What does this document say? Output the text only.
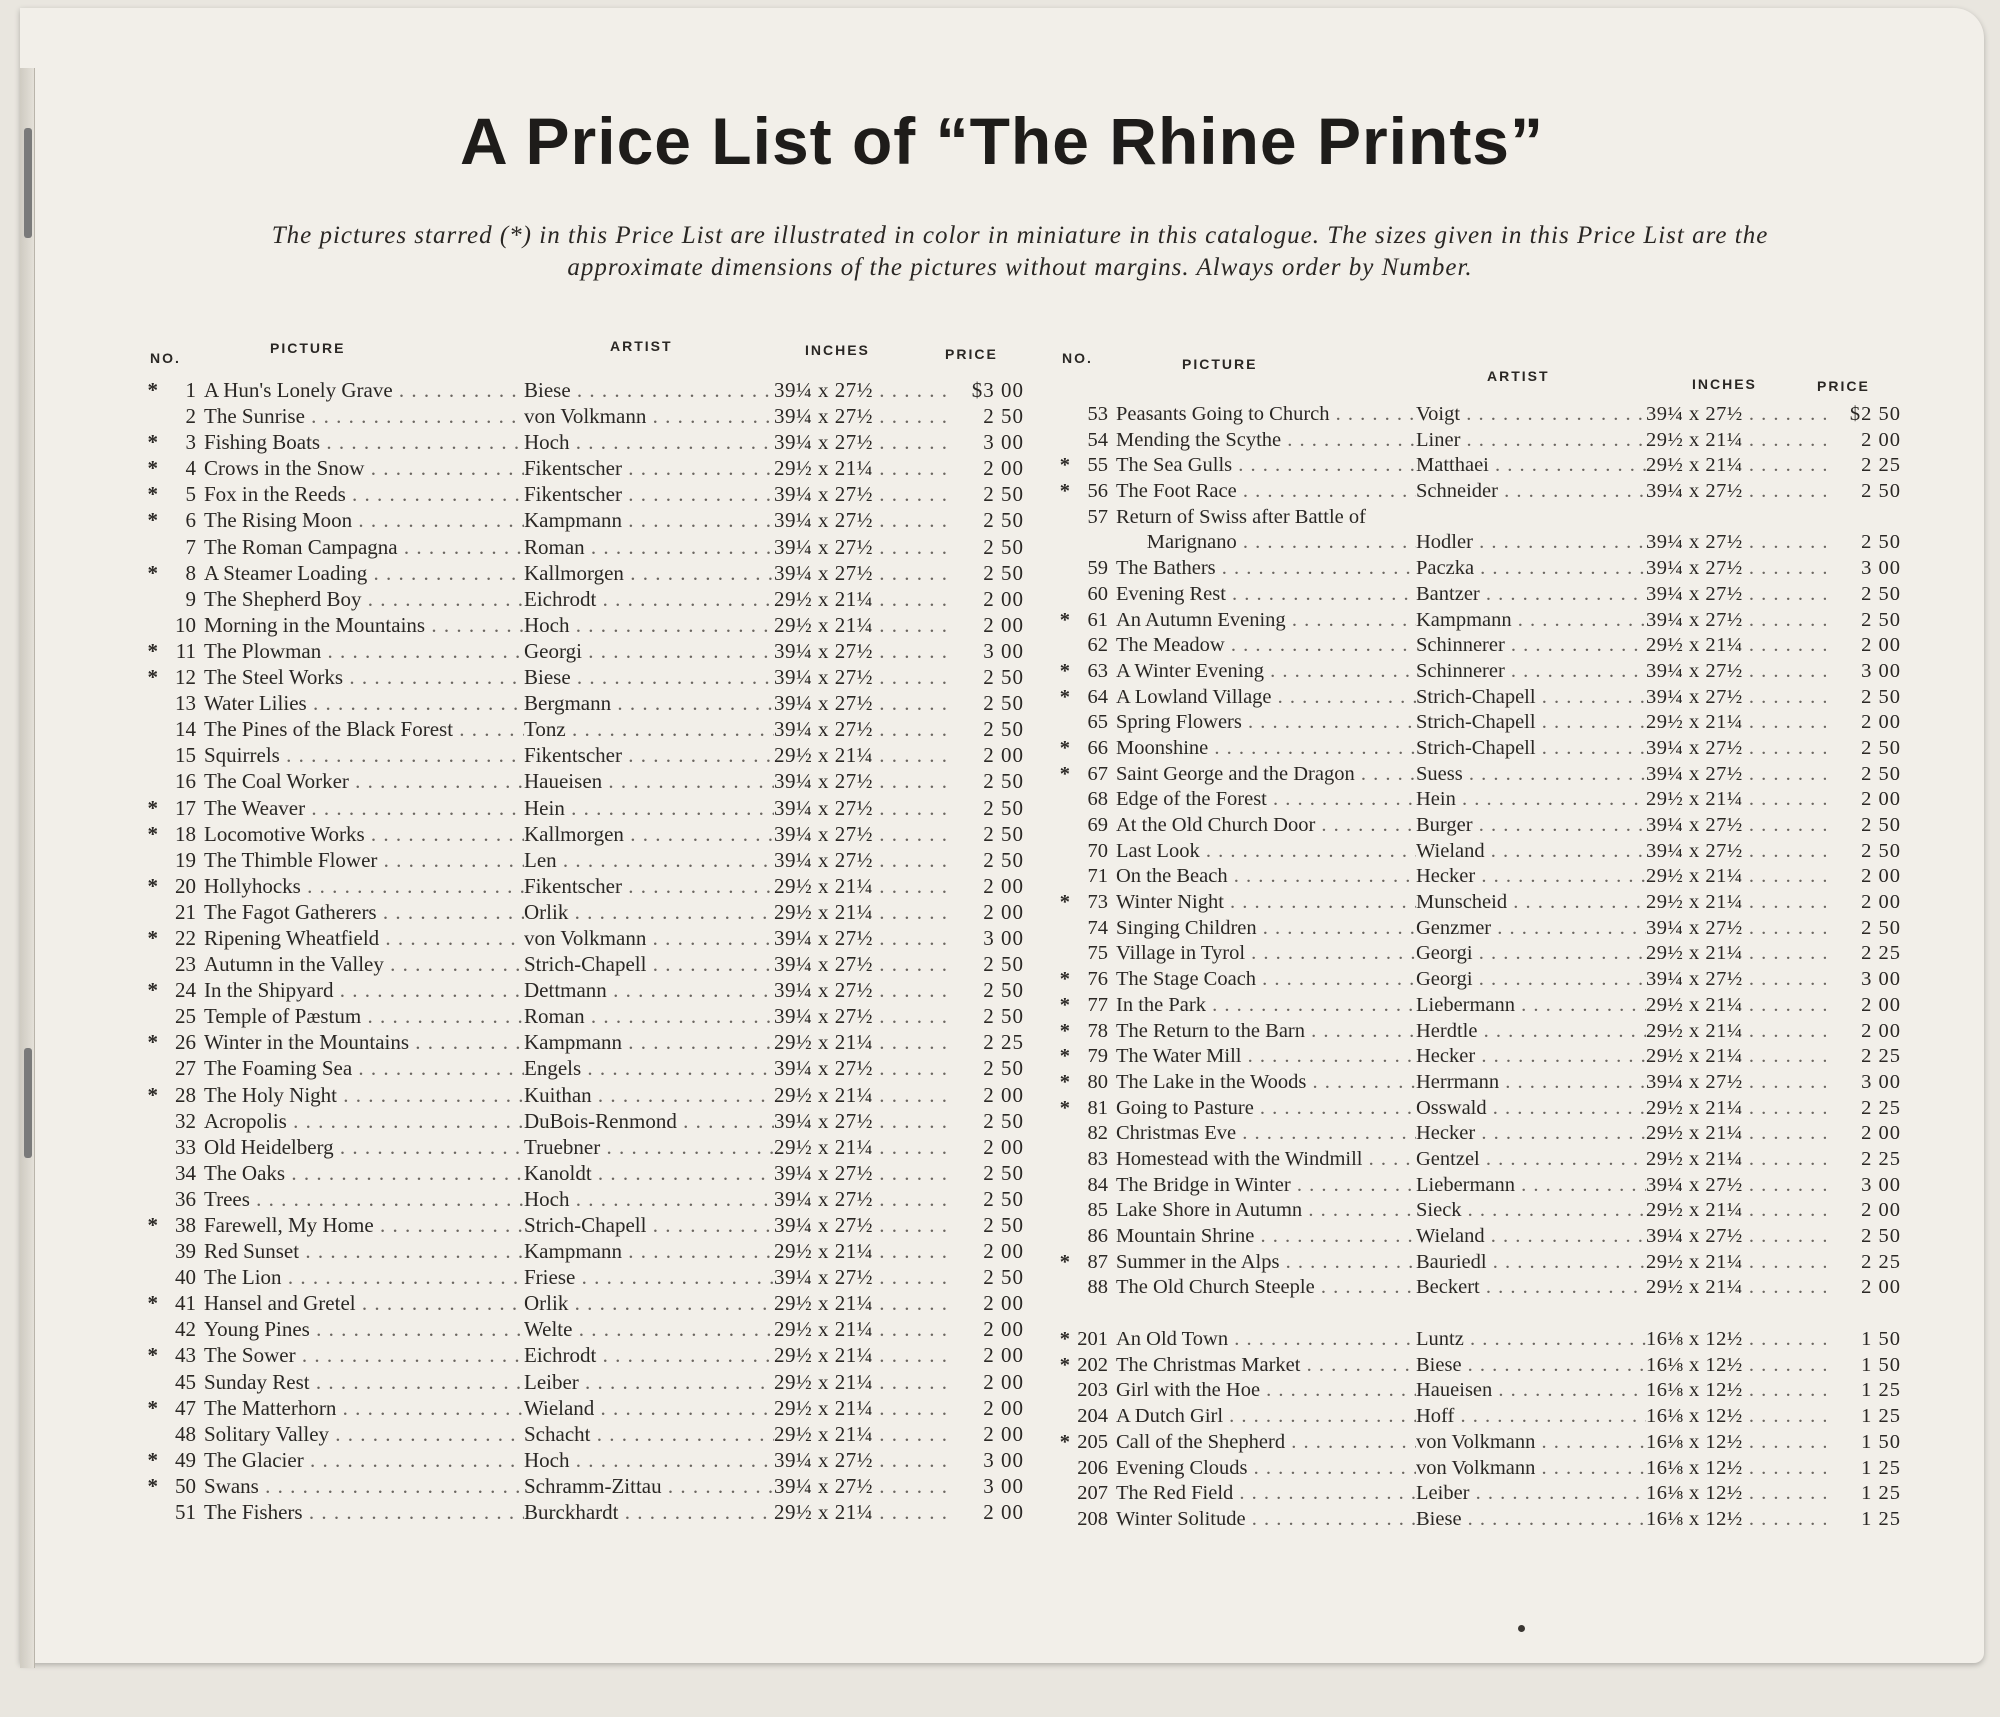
A Price List of “The Rhine Prints”
The pictures starred (*) in this Price List are illustrated in color in miniature in this catalogue. The sizes given in this Price List are the approximate dimensions of the pictures without margins. Always order by Number.
NO.
PICTURE	ARTIST	INCHES	PRICE
*	1 A Hun's Lonely Grave . . .	Biese . . .	39¼ x 27½ . . .	$3 00
2 The Sunrise . . .	von Volkmann . . .	39¼ x 27½ . . .	2 50
*	3 Fishing Boats . . .	Hoch . . .	39¼ x 27½ . . .	3 00
*	4 Crows in the Snow . . .	Fikentscher . . .	29½ x 21¼ . . .	2 00
*	5 Fox in the Reeds . . .	Fikentscher . . .	39¼ x 27½ . . .	2 50
*	6 The Rising Moon . . .	Kampmann . . .	39¼ x 27½ . . .	2 50
7 The Roman Campagna . . .	Roman . . .	39¼ x 27½ . . .	2 50
*	8 A Steamer Loading . . .	Kallmorgen . . .	39¼ x 27½ . . .	2 50
9 The Shepherd Boy . . .	Eichrodt . . .	29½ x 21¼ . . .	2 00
10 Morning in the Mountains . . .	Hoch . . .	29½ x 21¼ . . .	2 00
* 11 The Plowman . . .	Georgi . . .	39¼ x 27½ . . .	3 00
* 12 The Steel Works . . .	Biese . . .	39¼ x 27½ . . .	2 50
13 Water Lilies . . .	Bergmann . . .	39¼ x 27½ . . .	2 50
14 The Pines of the Black Forest . . .	Tonz . . .	39¼ x 27½ . . .	2 50
15 Squirrels . . .	Fikentscher . . .	29½ x 21¼ . . .	2 00
16 The Coal Worker . . .	Haueisen . . .	39¼ x 27½ . . .	2 50
* 17 The Weaver . . .	Hein . . .	39¼ x 27½ . . .	2 50
* 18 Locomotive Works . . .	Kallmorgen . . .	39¼ x 27½ . . .	2 50
19 The Thimble Flower . . .	Len . . .	39¼ x 27½ . . .	2 50
* 20 Hollyhocks . . .	Fikentscher . . .	29½ x 21¼ . . .	2 00
21 The Fagot Gatherers . . .	Orlik . . .	29½ x 21¼ . . .	2 00
* 22 Ripening Wheatfield . . .	von Volkmann . . .	39¼ x 27½ . . .	3 00
23 Autumn in the Valley . . .	Strich-Chapell . . .	39¼ x 27½ . . .	2 50
* 24 In the Shipyard . . .	Dettmann . . .	39¼ x 27½ . . .	2 50
25 Temple of Pæstum . . .	Roman . . .	39¼ x 27½ . . .	2 50
* 26 Winter in the Mountains . . .	Kampmann . . .	29½ x 21¼ . . .	2 25
27 The Foaming Sea . . .	Engels . . .	39¼ x 27½ . . .	2 50
* 28 The Holy Night . . .	Kuithan . . .	29½ x 21¼ . . .	2 00
32 Acropolis . . .	DuBois-Renmond . . .	39¼ x 27½ . . .	2 50
33 Old Heidelberg . . .	Truebner . . .	29½ x 21¼ . . .	2 00
34 The Oaks . . .	Kanoldt . . .	39¼ x 27½ . . .	2 50
36 Trees . . .	Hoch . . .	39¼ x 27½ . . .	2 50
* 38 Farewell, My Home . . .	Strich-Chapell . . .	39¼ x 27½ . . .	2 50
39 Red Sunset . . .	Kampmann . . .	29½ x 21¼ . . .	2 00
40 The Lion . . .	Friese . . .	39¼ x 27½ . . .	2 50
* 41 Hansel and Gretel . . .	Orlik . . .	29½ x 21¼ . . .	2 00
42 Young Pines . . .	Welte . . .	29½ x 21¼ . . .	2 00
* 43 The Sower . . .	Eichrodt . . .	29½ x 21¼ . . .	2 00
45 Sunday Rest . . .	Leiber . . .	29½ x 21¼ . . .	2 00
* 47 The Matterhorn . . .	Wieland . . .	29½ x 21¼ . . .	2 00
48 Solitary Valley . . .	Schacht . . .	29½ x 21¼ . . .	2 00
* 49 The Glacier . . .	Hoch . . .	39¼ x 27½ . . .	3 00
* 50 Swans . . .	Schramm-Zittau . . .	39¼ x 27½ . . .	3 00
51 The Fishers . . .	Burckhardt . . .	29½ x 21¼ . . .	2 00
NO.	PICTURE
ARTIST	INCHES	PRICE
53 Peasants Going to Church . . .	Voigt . . .	39¼ x 27½ . . .	$2 50
54 Mending the Scythe . . .	Liner . . .	29½ x 21¼ . . .	2 00
* 55 The Sea Gulls . . .	Matthaei . . .	29½ x 21¼ . . .	2 25
* 56 The Foot Race . . .	Schneider . . .	39¼ x 27½ . . .	2 50
57 Return of Swiss after Battle of
Marignano . . .	Hodler . . .	39¼ x 27½ . . .	2 50
59 The Bathers . . .	Paczka . . .	39¼ x 27½ . . .	3 00
60 Evening Rest . . .	Bantzer . . .	39¼ x 27½ . . .	2 50
* 61 An Autumn Evening . . .	Kampmann . . .	39¼ x 27½ . . .	2 50
62 The Meadow . . .	Schinnerer . . .	29½ x 21¼ . . .	2 00
* 63 A Winter Evening . . .	Schinnerer . . .	39¼ x 27½ . . .	3 00
* 64 A Lowland Village . . .	Strich-Chapell . . .	39¼ x 27½ . . .	2 50
65 Spring Flowers . . .	Strich-Chapell . . .	29½ x 21¼ . . .	2 00
* 66 Moonshine . . .	Strich-Chapell . . .	39¼ x 27½ . . .	2 50
* 67 Saint George and the Dragon . . .	Suess . . .	39¼ x 27½ . . .	2 50
68 Edge of the Forest . . .	Hein . . .	29½ x 21¼ . . .	2 00
69 At the Old Church Door . . .	Burger . . .	39¼ x 27½ . . .	2 50
70 Last Look . . .	Wieland . . .	39¼ x 27½ . . .	2 50
71 On the Beach . . .	Hecker . . .	29½ x 21¼ . . .	2 00
* 73 Winter Night . . .	Munscheid . . .	29½ x 21¼ . . .	2 00
74 Singing Children . . .	Genzmer . . .	39¼ x 27½ . . .	2 50
75 Village in Tyrol . . .	Georgi . . .	29½ x 21¼ . . .	2 25
* 76 The Stage Coach . . .	Georgi . . .	39¼ x 27½ . . .	3 00
* 77 In the Park . . .	Liebermann . . .	29½ x 21¼ . . .	2 00
* 78 The Return to the Barn . . .	Herdtle . . .	29½ x 21¼ . . .	2 00
* 79 The Water Mill . . .	Hecker . . .	29½ x 21¼ . . .	2 25
* 80 The Lake in the Woods . . .	Herrmann . . .	39¼ x 27½ . . .	3 00
* 81 Going to Pasture . . .	Osswald . . .	29½ x 21¼ . . .	2 25
82 Christmas Eve . . .	Hecker . . .	29½ x 21¼ . . .	2 00
83 Homestead with the Windmill . . .	Gentzel . . .	29½ x 21¼ . . .	2 25
84 The Bridge in Winter . . .	Liebermann . . .	39¼ x 27½ . . .	3 00
85 Lake Shore in Autumn . . .	Sieck . . .	29½ x 21¼ . . .	2 00
86 Mountain Shrine . . .	Wieland . . .	39¼ x 27½ . . .	2 50
* 87 Summer in the Alps . . .	Bauriedl . . .	29½ x 21¼ . . .	2 25
88 The Old Church Steeple . . .	Beckert . . .	29½ x 21¼ . . .	2 00
* 201 An Old Town . . .	Luntz . . .	16⅛ x 12½ . . .	1 50
* 202 The Christmas Market . . .	Biese . . .	16⅛ x 12½ . . .	1 50
203 Girl with the Hoe . . .	Haueisen . . .	16⅛ x 12½ . . .	1 25
204 A Dutch Girl . . .	Hoff . . .	16⅛ x 12½ . . .	1 25
* 205 Call of the Shepherd . . .	von Volkmann . . .	16⅛ x 12½ . . .	1 50
206 Evening Clouds . . .	von Volkmann . . .	16⅛ x 12½ . . .	1 25
207 The Red Field . . .	Leiber . . .	16⅛ x 12½ . . .	1 25
208 Winter Solitude . . .	Biese . . .	16⅛ x 12½ . . .	1 25
